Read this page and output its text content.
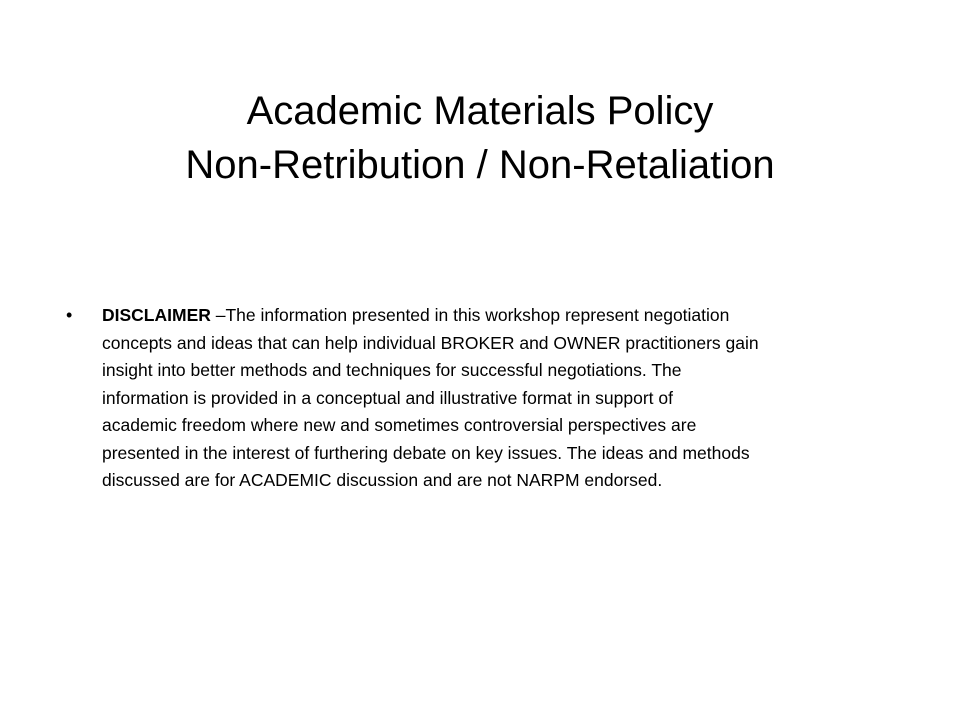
Academic Materials Policy
Non-Retribution / Non-Retaliation
• DISCLAIMER –The information presented in this workshop represent negotiation
concepts and ideas that can help individual BROKER and OWNER practitioners gain
insight into better methods and techniques for successful negotiations. The
information is provided in a conceptual and illustrative format in support of
academic freedom where new and sometimes controversial perspectives are
presented in the interest of furthering debate on key issues. The ideas and methods
discussed are for ACADEMIC discussion and are not NARPM endorsed.
